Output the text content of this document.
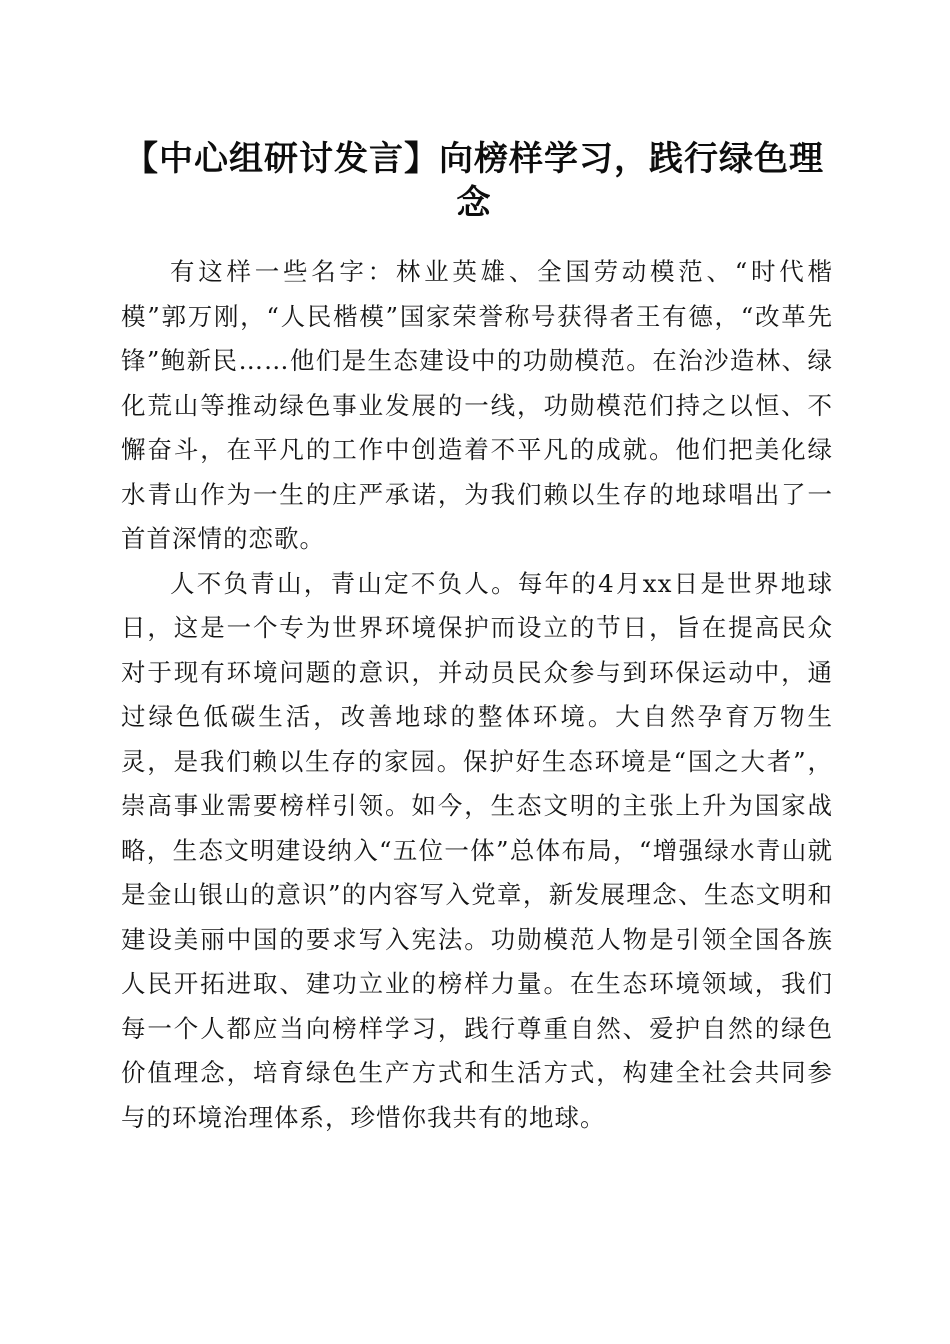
【中心组研讨发言】向榜样学习，践行绿色理念

有这样一些名字：林业英雄、全国劳动模范、“时代楷模”郭万刚，“人民楷模”国家荣誉称号获得者王有德，“改革先锋”鲍新民……他们是生态建设中的功勋模范。在治沙造林、绿化荒山等推动绿色事业发展的一线，功勋模范们持之以恒、不懈奋斗，在平凡的工作中创造着不平凡的成就。他们把美化绿水青山作为一生的庄严承诺，为我们赖以生存的地球唱出了一首首深情的恋歌。

人不负青山，青山定不负人。每年的4月xx日是世界地球日，这是一个专为世界环境保护而设立的节日，旨在提高民众对于现有环境问题的意识，并动员民众参与到环保运动中，通过绿色低碳生活，改善地球的整体环境。大自然孕育万物生灵，是我们赖以生存的家园。保护好生态环境是“国之大者”，崇高事业需要榜样引领。如今，生态文明的主张上升为国家战略，生态文明建设纳入“五位一体”总体布局，“增强绿水青山就是金山银山的意识”的内容写入党章，新发展理念、生态文明和建设美丽中国的要求写入宪法。功勋模范人物是引领全国各族人民开拓进取、建功立业的榜样力量。在生态环境领域，我们每一个人都应当向榜样学习，践行尊重自然、爱护自然的绿色价值理念，培育绿色生产方式和生活方式，构建全社会共同参与的环境治理体系，珍惜你我共有的地球。
